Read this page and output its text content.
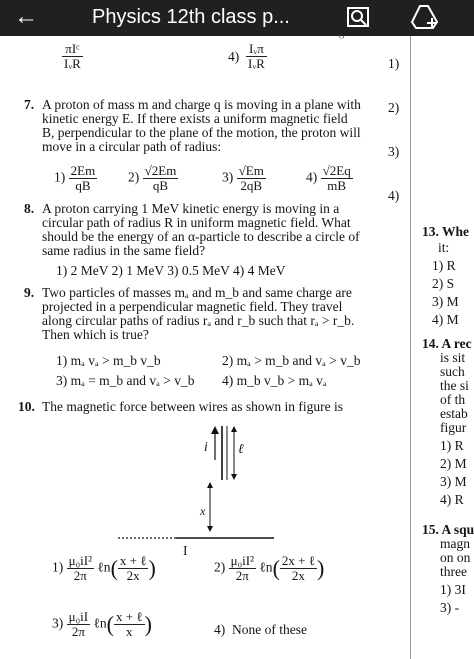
←	Physics 12th class p...
$\frac{\text{πIᶜ}}{\text{IᵥR}}$	$4) \frac{\text{Iᵥπ}}{\text{IᵥR}}$
7. A proton of mass m and charge q is moving in a plane with
kinetic energy E. If there exists a uniform magnetic field
B, perpendicular to the plane of the motion, the proton will
move in a circular path of radius:
$1) \frac{2Em}{qB} 2) \frac{√2Em}{qB}$	$3) \frac{√Em}{2qB}$	$4) \frac{√2Eq}{mB}$
8. A proton carrying 1 MeV kinetic energy is moving in a
circular path of radius R in uniform magnetic field. What
should be the energy of an α-particle to describe a circle of
same radius in the same field?
1) 2 MeV 2) 1 MeV 3) 0.5 MeV 4) 4 MeV
9. Two particles of masses mₐ and m_b and same charge are
projected in a perpendicular magnetic field. They travel
along circular paths of radius rₐ and r_b such that rₐ > r_b.
Then which is true?
1) mₐ vₐ > m_b v_b	2) mₐ > m_b and vₐ > v_b
3) mₐ = m_b and vₐ > v_b 4) m_b v_b > mₐ vₐ
10. The magnetic force between wires as shown in figure is
i ℓ
x
I
$1) \frac{\text{μ₀iI²}}{2\pi}$ ℓn( $\frac{\text{x + ℓ}}{2x}$ )	$2) \frac{\text{μ₀iI²}}{2\pi}$ ℓn( $\frac{\text{2x + ℓ}}{2x}$ )
$3) \frac{\text{μ₀iI}}{2\pi}$ ℓn( $\frac{\text{x + ℓ}}{x}$ )	4) None of these
1)
2)
3)
4)
13. Whe
it:
1) R
2) S
3) M
4) M
14. A rec
is sit
such
the si
of th
estab
figur
1) R
2) M
3) M
4) R
15. A squ
magn
on on
three
1) 3I
3) -
